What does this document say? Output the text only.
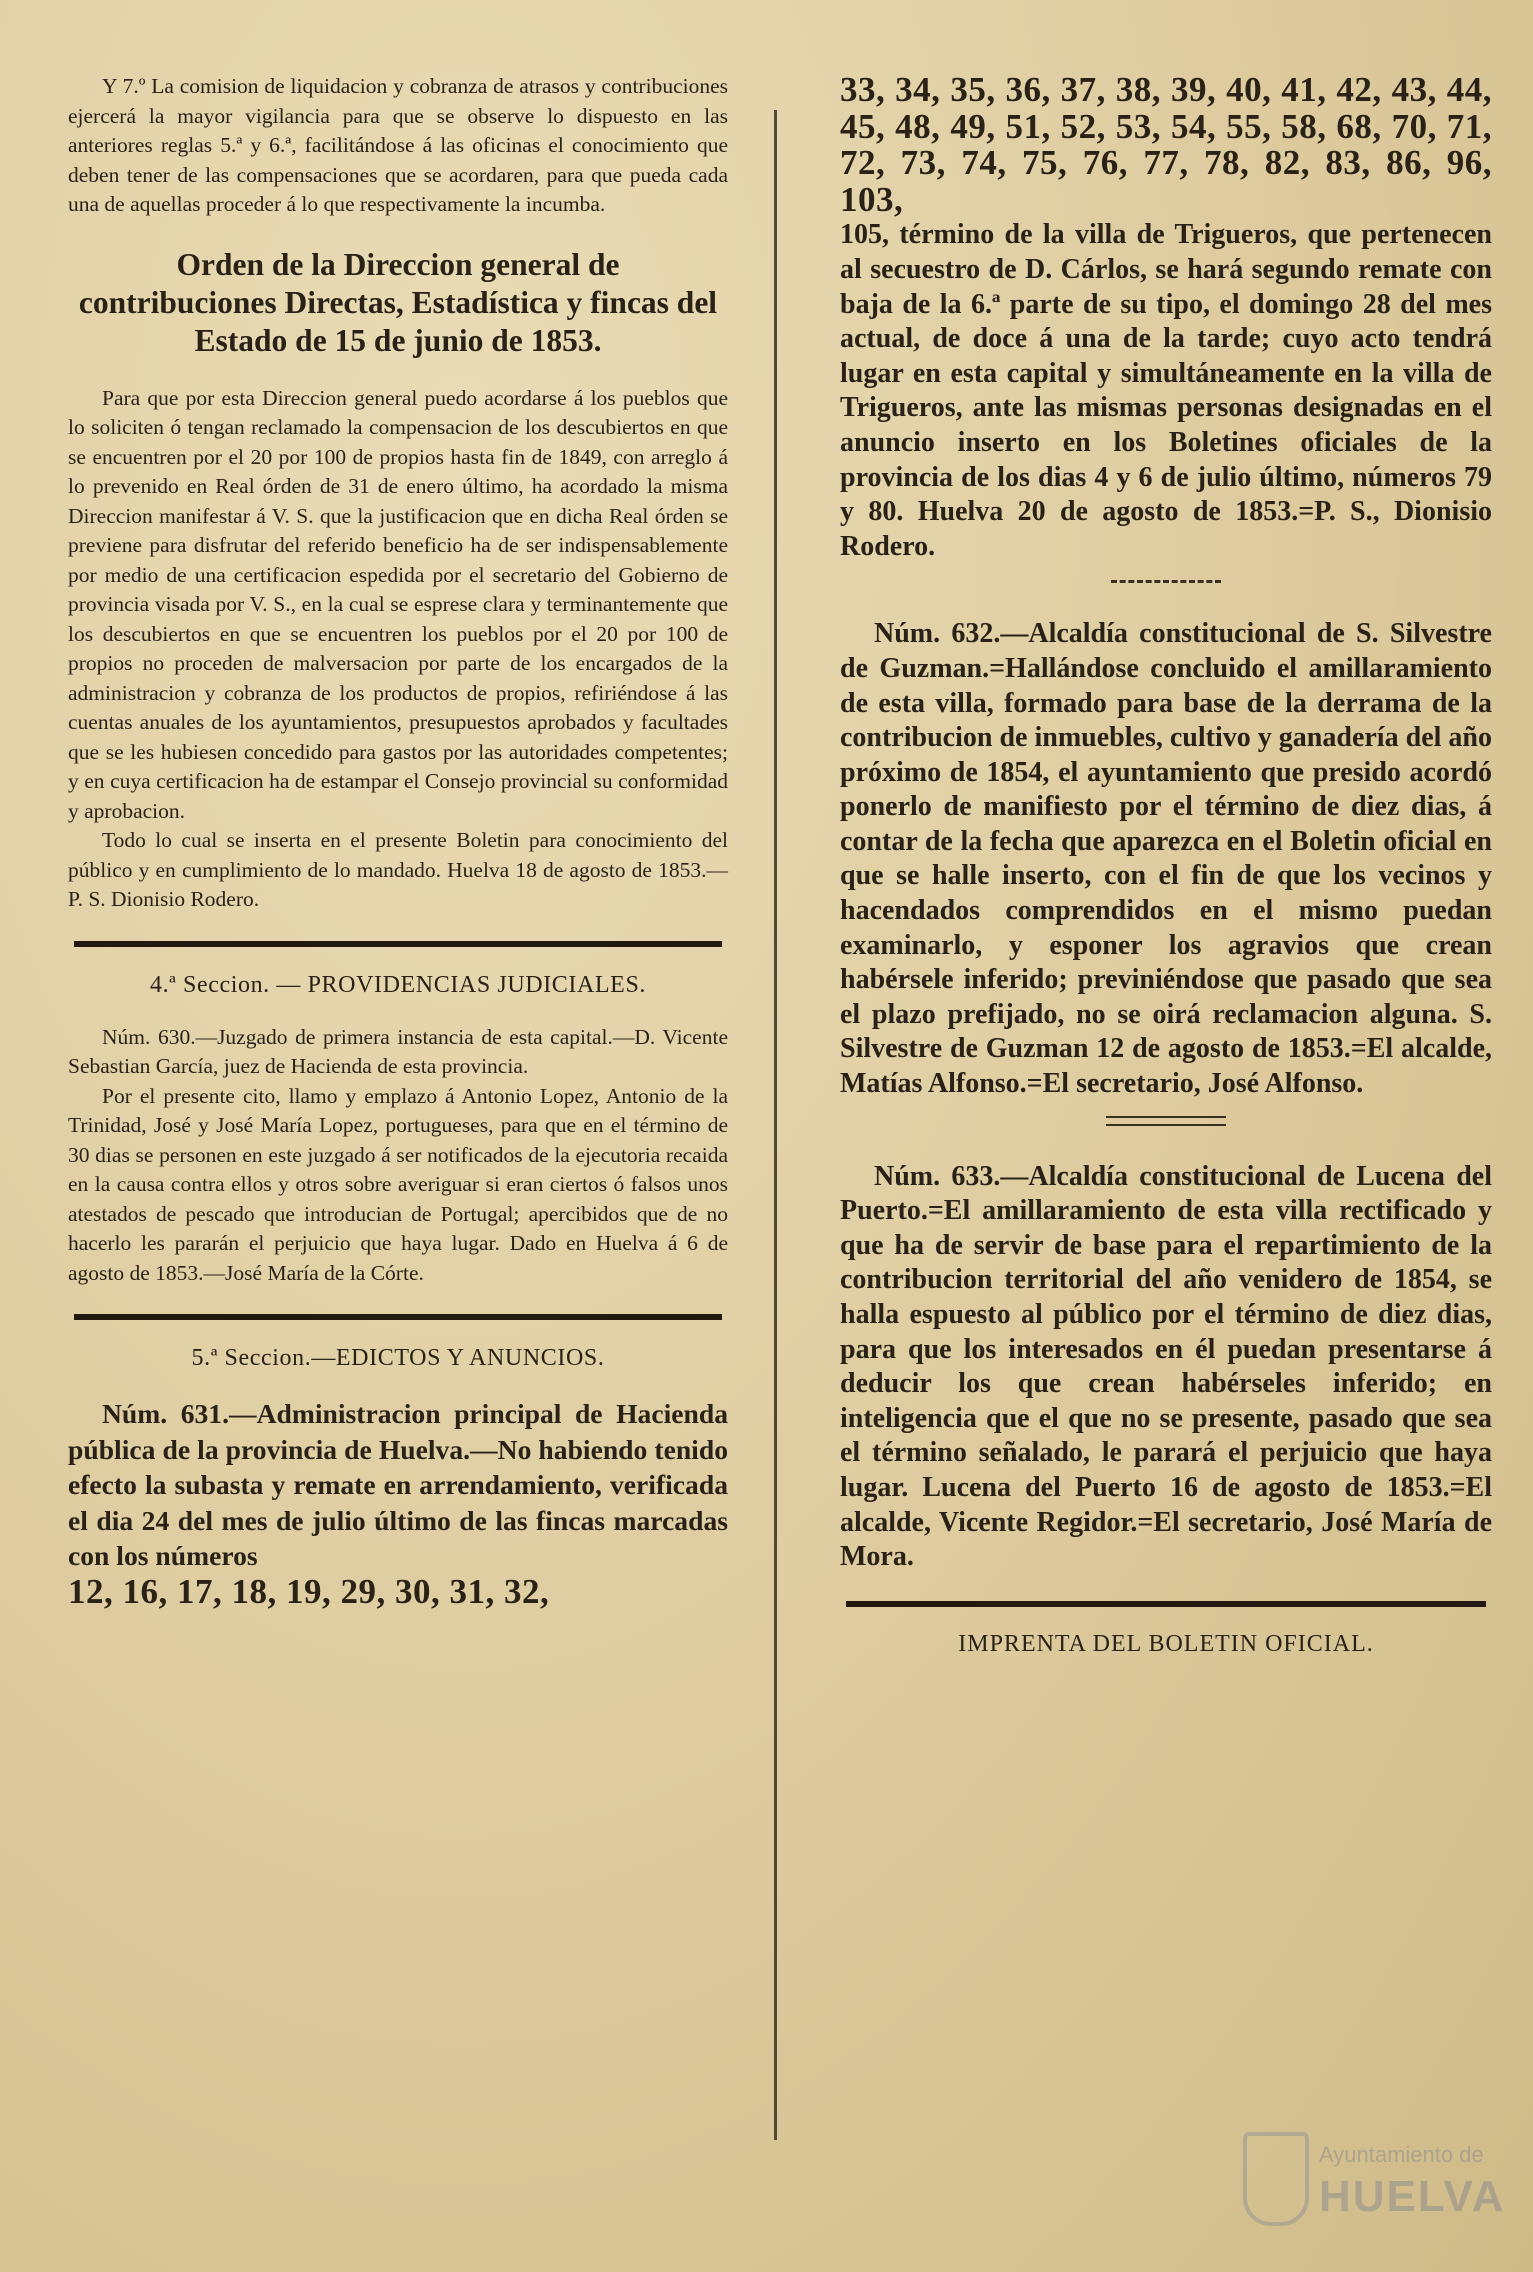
Y 7.º La comision de liquidacion y cobranza de atrasos y contribuciones ejercerá la mayor vigilancia para que se observe lo dispuesto en las anteriores reglas 5.ª y 6.ª, facilitándose á las oficinas el conocimiento que deben tener de las compensaciones que se acordaren, para que pueda cada una de aquellas proceder á lo que respectivamente la incumba.

Orden de la Direccion general de contribuciones Directas, Estadística y fincas del Estado de 15 de junio de 1853.

Para que por esta Direccion general puedo acordarse á los pueblos que lo soliciten ó tengan reclamado la compensacion de los descubiertos en que se encuentren por el 20 por 100 de propios hasta fin de 1849, con arreglo á lo prevenido en Real órden de 31 de enero último, ha acordado la misma Direccion manifestar á V. S. que la justificacion que en dicha Real órden se previene para disfrutar del referido beneficio ha de ser indispensablemente por medio de una certificacion espedida por el secretario del Gobierno de provincia visada por V. S., en la cual se esprese clara y terminantemente que los descubiertos en que se encuentren los pueblos por el 20 por 100 de propios no proceden de malversacion por parte de los encargados de la administracion y cobranza de los productos de propios, refiriéndose á las cuentas anuales de los ayuntamientos, presupuestos aprobados y facultades que se les hubiesen concedido para gastos por las autoridades competentes; y en cuya certificacion ha de estampar el Consejo provincial su conformidad y aprobacion.

Todo lo cual se inserta en el presente Boletin para conocimiento del público y en cumplimiento de lo mandado. Huelva 18 de agosto de 1853.—P. S. Dionisio Rodero.

4.ª Seccion. — PROVIDENCIAS JUDICIALES.

Núm. 630.—Juzgado de primera instancia de esta capital.—D. Vicente Sebastian García, juez de Hacienda de esta provincia.

Por el presente cito, llamo y emplazo á Antonio Lopez, Antonio de la Trinidad, José y José María Lopez, portugueses, para que en el término de 30 dias se personen en este juzgado á ser notificados de la ejecutoria recaida en la causa contra ellos y otros sobre averiguar si eran ciertos ó falsos unos atestados de pescado que introducian de Portugal; apercibidos que de no hacerlo les pararán el perjuicio que haya lugar. Dado en Huelva á 6 de agosto de 1853.—José María de la Córte.

5.ª Seccion.—EDICTOS Y ANUNCIOS.

Núm. 631.—Administracion principal de Hacienda pública de la provincia de Huelva.—No habiendo tenido efecto la subasta y remate en arrendamiento, verificada el dia 24 del mes de julio último de las fincas marcadas con los números

12, 16, 17, 18, 19, 29, 30, 31, 32,

33, 34, 35, 36, 37, 38, 39, 40, 41, 42, 43, 44, 45, 48, 49, 51, 52, 53, 54, 55, 58, 68, 70, 71, 72, 73, 74, 75, 76, 77, 78, 82, 83, 86, 96, 103,

105, término de la villa de Trigueros, que pertenecen al secuestro de D. Cárlos, se hará segundo remate con baja de la 6.ª parte de su tipo, el domingo 28 del mes actual, de doce á una de la tarde; cuyo acto tendrá lugar en esta capital y simultáneamente en la villa de Trigueros, ante las mismas personas designadas en el anuncio inserto en los Boletines oficiales de la provincia de los dias 4 y 6 de julio último, números 79 y 80. Huelva 20 de agosto de 1853.=P. S., Dionisio Rodero.

Núm. 632.—Alcaldía constitucional de S. Silvestre de Guzman.=Hallándose concluido el amillaramiento de esta villa, formado para base de la derrama de la contribucion de inmuebles, cultivo y ganadería del año próximo de 1854, el ayuntamiento que presido acordó ponerlo de manifiesto por el término de diez dias, á contar de la fecha que aparezca en el Boletin oficial en que se halle inserto, con el fin de que los vecinos y hacendados comprendidos en el mismo puedan examinarlo, y esponer los agravios que crean habérsele inferido; previniéndose que pasado que sea el plazo prefijado, no se oirá reclamacion alguna. S. Silvestre de Guzman 12 de agosto de 1853.=El alcalde, Matías Alfonso.=El secretario, José Alfonso.

Núm. 633.—Alcaldía constitucional de Lucena del Puerto.=El amillaramiento de esta villa rectificado y que ha de servir de base para el repartimiento de la contribucion territorial del año venidero de 1854, se halla espuesto al público por el término de diez dias, para que los interesados en él puedan presentarse á deducir los que crean habérseles inferido; en inteligencia que el que no se presente, pasado que sea el término señalado, le parará el perjuicio que haya lugar. Lucena del Puerto 16 de agosto de 1853.=El alcalde, Vicente Regidor.=El secretario, José María de Mora.

IMPRENTA DEL BOLETIN OFICIAL.

Ayuntamiento de
HUELVA
